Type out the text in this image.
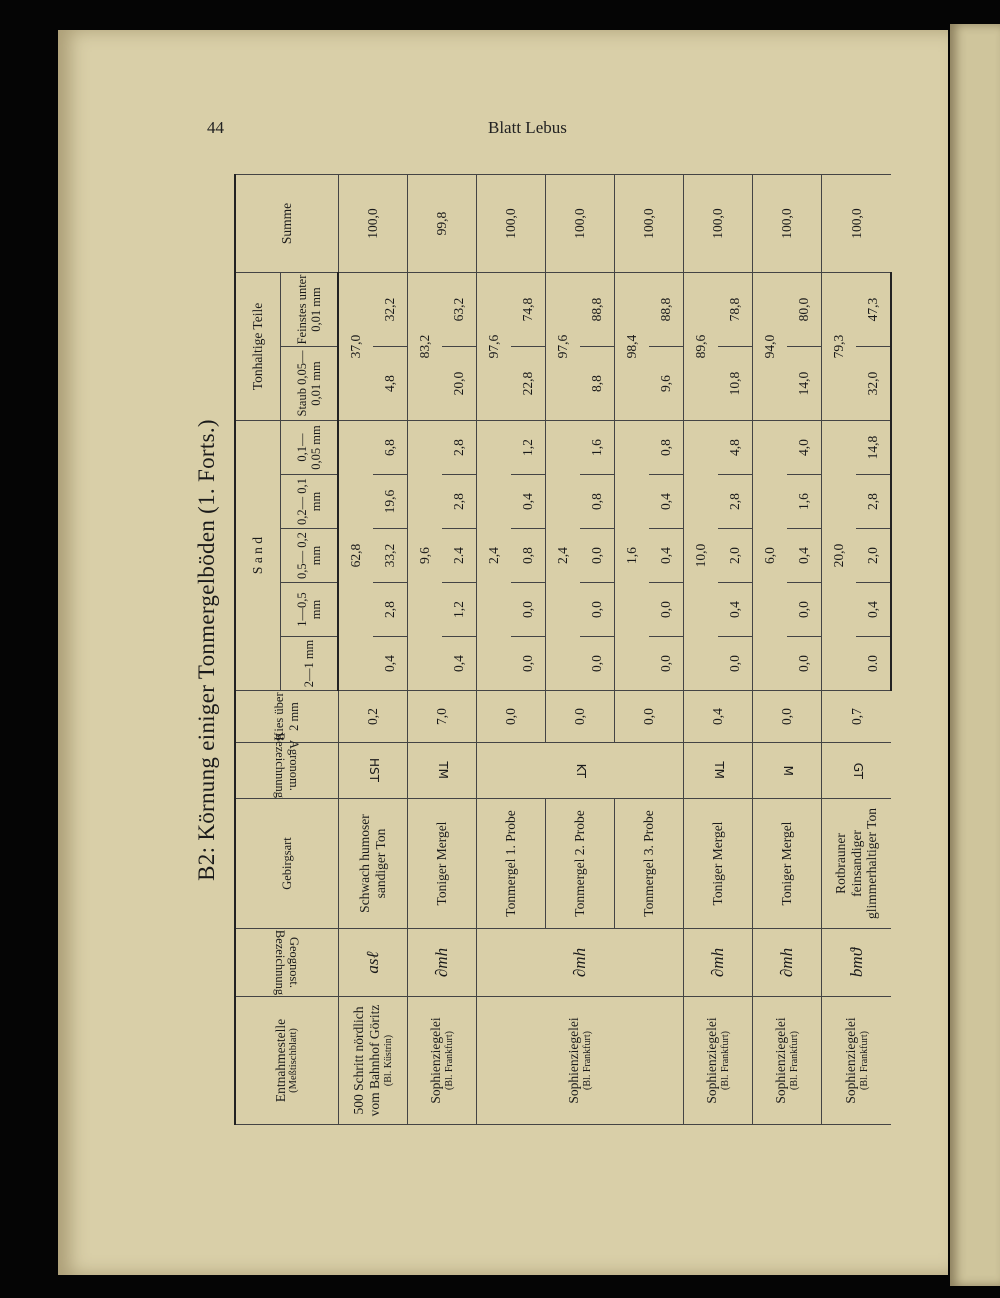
44	Blatt Lebus
B2: Körnung einiger Tonmergelböden (1. Forts.)
Entnahmestelle (Meßtischblatt)	Geognost. Bezeichnung	Gebirgsart	Agronom. Bezeichnung	Kies über 2 mm	S a n d					Tonhaltige Teile		Summe
					2—1 mm	1—0,5 mm	0,5— 0,2 mm	0,2— 0,1 mm	0,1— 0,05 mm	Staub 0,05— 0,01 mm	Feinstes unter 0,01 mm	

500 Schritt nördlich vom Bahnhof Göritz (Bl. Küstrin)	asℓ	Schwach humoser sandiger Ton	HST	0,2	62,8					37,0		100,0
					0,4	2,8	33,2	19,6	6,8	4,8	32,2	

Sophienziegelei (Bl. Frankfurt)	∂mh	Toniger Mergel	TM	7,0	9,6					83,2		99,8
					0,4	1,2	2.4	2,8	2,8	20,0	63,2	

Sophienziegelei (Bl. Frankfurt)	∂mh	Tonmergel 1. Probe	KT	0,0	2,4					97,6		100,0
					0,0	0,0	0,8	0,4	1,2	22,8	74,8	
		Tonmergel 2. Probe		0,0	2,4					97,6		100,0
					0,0	0,0	0,0	0,8	1,6	8,8	88,8	
		Tonmergel 3. Probe		0,0	1,6					98,4		100,0
					0,0	0,0	0,4	0,4	0,8	9,6	88,8	

Sophienziegelei (Bl. Frankfurt)	∂mh	Toniger Mergel	TM	0,4	10,0					89,6		100,0
					0,0	0,4	2,0	2,8	4,8	10,8	78,8	

Sophienziegelei (Bl. Frankfurt)	∂mh	Toniger Mergel	M	0,0	6,0					94,0		100,0
					0,0	0,0	0,4	1,6	4,0	14,0	80,0	

Sophienziegelei (Bl. Frankfurt)	bmϑ	Rotbrauner feinsandiger glimmerhaltiger Ton	GT	0,7	20,0					79,3		100,0
					0.0	0,4	2,0	2,8	14,8	32,0	47,3	
